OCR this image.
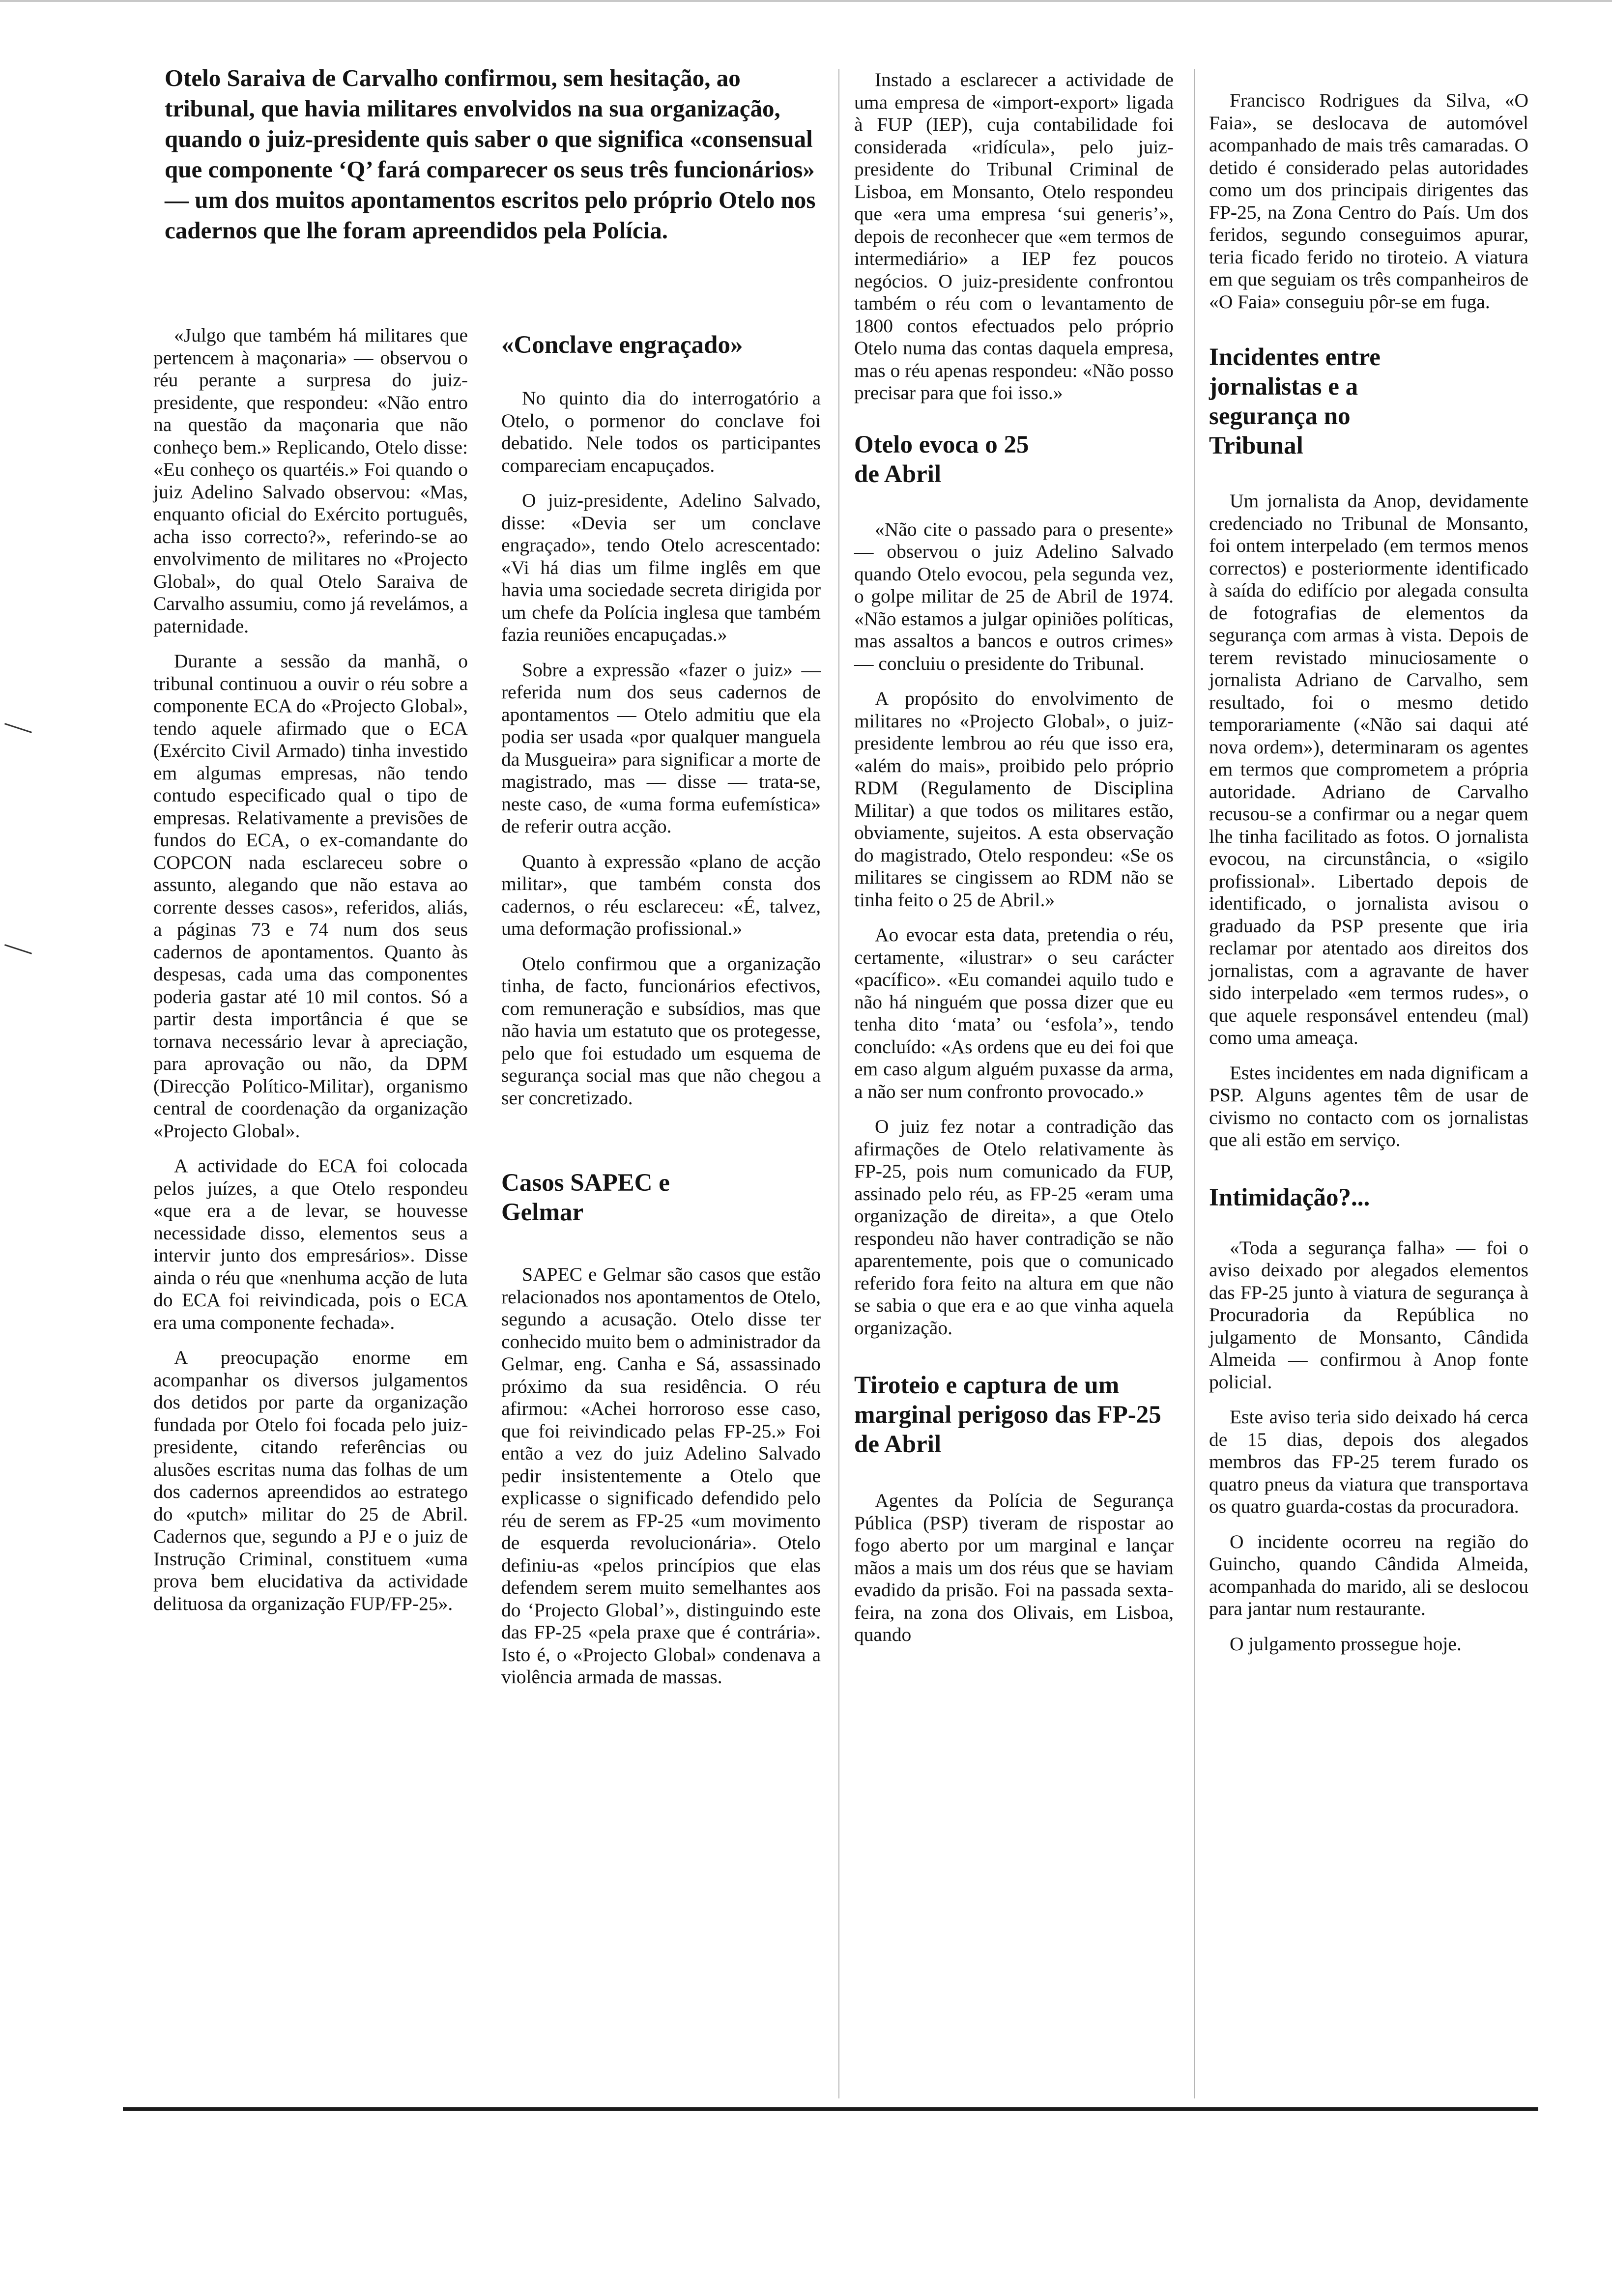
Otelo Saraiva de Carvalho confirmou, sem hesitação, ao tribunal, que havia militares envolvidos na sua organização, quando o juiz-presidente quis saber o que significa «consensual que componente ‘Q’ fará comparecer os seus três funcionários» — um dos muitos apontamentos escritos pelo próprio Otelo nos cadernos que lhe foram apreendidos pela Polícia.

«Julgo que também há militares que pertencem à maçonaria» — observou o réu perante a surpresa do juiz-presidente, que respondeu: «Não entro na questão da maçonaria que não conheço bem.» Replicando, Otelo disse: «Eu conheço os quartéis.» Foi quando o juiz Adelino Salvado observou: «Mas, enquanto oficial do Exército português, acha isso correcto?», referindo-se ao envolvimento de militares no «Projecto Global», do qual Otelo Saraiva de Carvalho assumiu, como já revelámos, a paternidade.

Durante a sessão da manhã, o tribunal continuou a ouvir o réu sobre a componente ECA do «Projecto Global», tendo aquele afirmado que o ECA (Exército Civil Armado) tinha investido em algumas empresas, não tendo contudo especificado qual o tipo de empresas. Relativamente a previsões de fundos do ECA, o ex-comandante do COPCON nada esclareceu sobre o assunto, alegando que não estava ao corrente desses casos», referidos, aliás, a páginas 73 e 74 num dos seus cadernos de apontamentos. Quanto às despesas, cada uma das componentes poderia gastar até 10 mil contos. Só a partir desta importância é que se tornava necessário levar à apreciação, para aprovação ou não, da DPM (Direcção Político-Militar), organismo central de coordenação da organização «Projecto Global».

A actividade do ECA foi colocada pelos juízes, a que Otelo respondeu «que era a de levar, se houvesse necessidade disso, elementos seus a intervir junto dos empresários». Disse ainda o réu que «nenhuma acção de luta do ECA foi reivindicada, pois o ECA era uma componente fechada».

A preocupação enorme em acompanhar os diversos julgamentos dos detidos por parte da organização fundada por Otelo foi focada pelo juiz-presidente, citando referências ou alusões escritas numa das folhas de um dos cadernos apreendidos ao estratego do «putch» militar do 25 de Abril. Cadernos que, segundo a PJ e o juiz de Instrução Criminal, constituem «uma prova bem elucidativa da actividade delituosa da organização FUP/FP-25».

«Conclave engraçado»

No quinto dia do interrogatório a Otelo, o pormenor do conclave foi debatido. Nele todos os participantes compareciam encapuçados.

O juiz-presidente, Adelino Salvado, disse: «Devia ser um conclave engraçado», tendo Otelo acrescentado: «Vi há dias um filme inglês em que havia uma sociedade secreta dirigida por um chefe da Polícia inglesa que também fazia reuniões encapuçadas.»

Sobre a expressão «fazer o juiz» — referida num dos seus cadernos de apontamentos — Otelo admitiu que ela podia ser usada «por qualquer manguela da Musgueira» para significar a morte de magistrado, mas — disse — trata-se, neste caso, de «uma forma eufemística» de referir outra acção.

Quanto à expressão «plano de acção militar», que também consta dos cadernos, o réu esclareceu: «É, talvez, uma deformação profissional.»

Otelo confirmou que a organização tinha, de facto, funcionários efectivos, com remuneração e subsídios, mas que não havia um estatuto que os protegesse, pelo que foi estudado um esquema de segurança social mas que não chegou a ser concretizado.

Casos SAPEC e Gelmar

SAPEC e Gelmar são casos que estão relacionados nos apontamentos de Otelo, segundo a acusação. Otelo disse ter conhecido muito bem o administrador da Gelmar, eng. Canha e Sá, assassinado próximo da sua residência. O réu afirmou: «Achei horroroso esse caso, que foi reivindicado pelas FP-25.» Foi então a vez do juiz Adelino Salvado pedir insistentemente a Otelo que explicasse o significado defendido pelo réu de serem as FP-25 «um movimento de esquerda revolucionária». Otelo definiu-as «pelos princípios que elas defendem serem muito semelhantes aos do ‘Projecto Global’», distinguindo este das FP-25 «pela praxe que é contrária». Isto é, o «Projecto Global» condenava a violência armada de massas.

Instado a esclarecer a actividade de uma empresa de «import-export» ligada à FUP (IEP), cuja contabilidade foi considerada «ridícula», pelo juiz-presidente do Tribunal Criminal de Lisboa, em Monsanto, Otelo respondeu que «era uma empresa ‘sui generis’», depois de reconhecer que «em termos de intermediário» a IEP fez poucos negócios. O juiz-presidente confrontou também o réu com o levantamento de 1800 contos efectuados pelo próprio Otelo numa das contas daquela empresa, mas o réu apenas respondeu: «Não posso precisar para que foi isso.»

Otelo evoca o 25 de Abril

«Não cite o passado para o presente» — observou o juiz Adelino Salvado quando Otelo evocou, pela segunda vez, o golpe militar de 25 de Abril de 1974. «Não estamos a julgar opiniões políticas, mas assaltos a bancos e outros crimes» — concluiu o presidente do Tribunal.

A propósito do envolvimento de militares no «Projecto Global», o juiz-presidente lembrou ao réu que isso era, «além do mais», proibido pelo próprio RDM (Regulamento de Disciplina Militar) a que todos os militares estão, obviamente, sujeitos. A esta observação do magistrado, Otelo respondeu: «Se os militares se cingissem ao RDM não se tinha feito o 25 de Abril.»

Ao evocar esta data, pretendia o réu, certamente, «ilustrar» o seu carácter «pacífico». «Eu comandei aquilo tudo e não há ninguém que possa dizer que eu tenha dito ‘mata’ ou ‘esfola’», tendo concluído: «As ordens que eu dei foi que em caso algum alguém puxasse da arma, a não ser num confronto provocado.»

O juiz fez notar a contradição das afirmações de Otelo relativamente às FP-25, pois num comunicado da FUP, assinado pelo réu, as FP-25 «eram uma organização de direita», a que Otelo respondeu não haver contradição se não aparentemente, pois que o comunicado referido fora feito na altura em que não se sabia o que era e ao que vinha aquela organização.

Tiroteio e captura de um marginal perigoso das FP-25 de Abril

Agentes da Polícia de Segurança Pública (PSP) tiveram de rispostar ao fogo aberto por um marginal e lançar mãos a mais um dos réus que se haviam evadido da prisão. Foi na passada sexta-feira, na zona dos Olivais, em Lisboa, quando

Francisco Rodrigues da Silva, «O Faia», se deslocava de automóvel acompanhado de mais três camaradas. O detido é considerado pelas autoridades como um dos principais dirigentes das FP-25, na Zona Centro do País. Um dos feridos, segundo conseguimos apurar, teria ficado ferido no tiroteio. A viatura em que seguiam os três companheiros de «O Faia» conseguiu pôr-se em fuga.

Incidentes entre jornalistas e a segurança no Tribunal

Um jornalista da Anop, devidamente credenciado no Tribunal de Monsanto, foi ontem interpelado (em termos menos correctos) e posteriormente identificado à saída do edifício por alegada consulta de fotografias de elementos da segurança com armas à vista. Depois de terem revistado minuciosamente o jornalista Adriano de Carvalho, sem resultado, foi o mesmo detido temporariamente («Não sai daqui até nova ordem»), determinaram os agentes em termos que comprometem a própria autoridade. Adriano de Carvalho recusou-se a confirmar ou a negar quem lhe tinha facilitado as fotos. O jornalista evocou, na circunstância, o «sigilo profissional». Libertado depois de identificado, o jornalista avisou o graduado da PSP presente que iria reclamar por atentado aos direitos dos jornalistas, com a agravante de haver sido interpelado «em termos rudes», o que aquele responsável entendeu (mal) como uma ameaça.

Estes incidentes em nada dignificam a PSP. Alguns agentes têm de usar de civismo no contacto com os jornalistas que ali estão em serviço.

Intimidação?...

«Toda a segurança falha» — foi o aviso deixado por alegados elementos das FP-25 junto à viatura de segurança à Procuradoria da República no julgamento de Monsanto, Cândida Almeida — confirmou à Anop fonte policial.

Este aviso teria sido deixado há cerca de 15 dias, depois dos alegados membros das FP-25 terem furado os quatro pneus da viatura que transportava os quatro guarda-costas da procuradora.

O incidente ocorreu na região do Guincho, quando Cândida Almeida, acompanhada do marido, ali se deslocou para jantar num restaurante.

O julgamento prossegue hoje.
